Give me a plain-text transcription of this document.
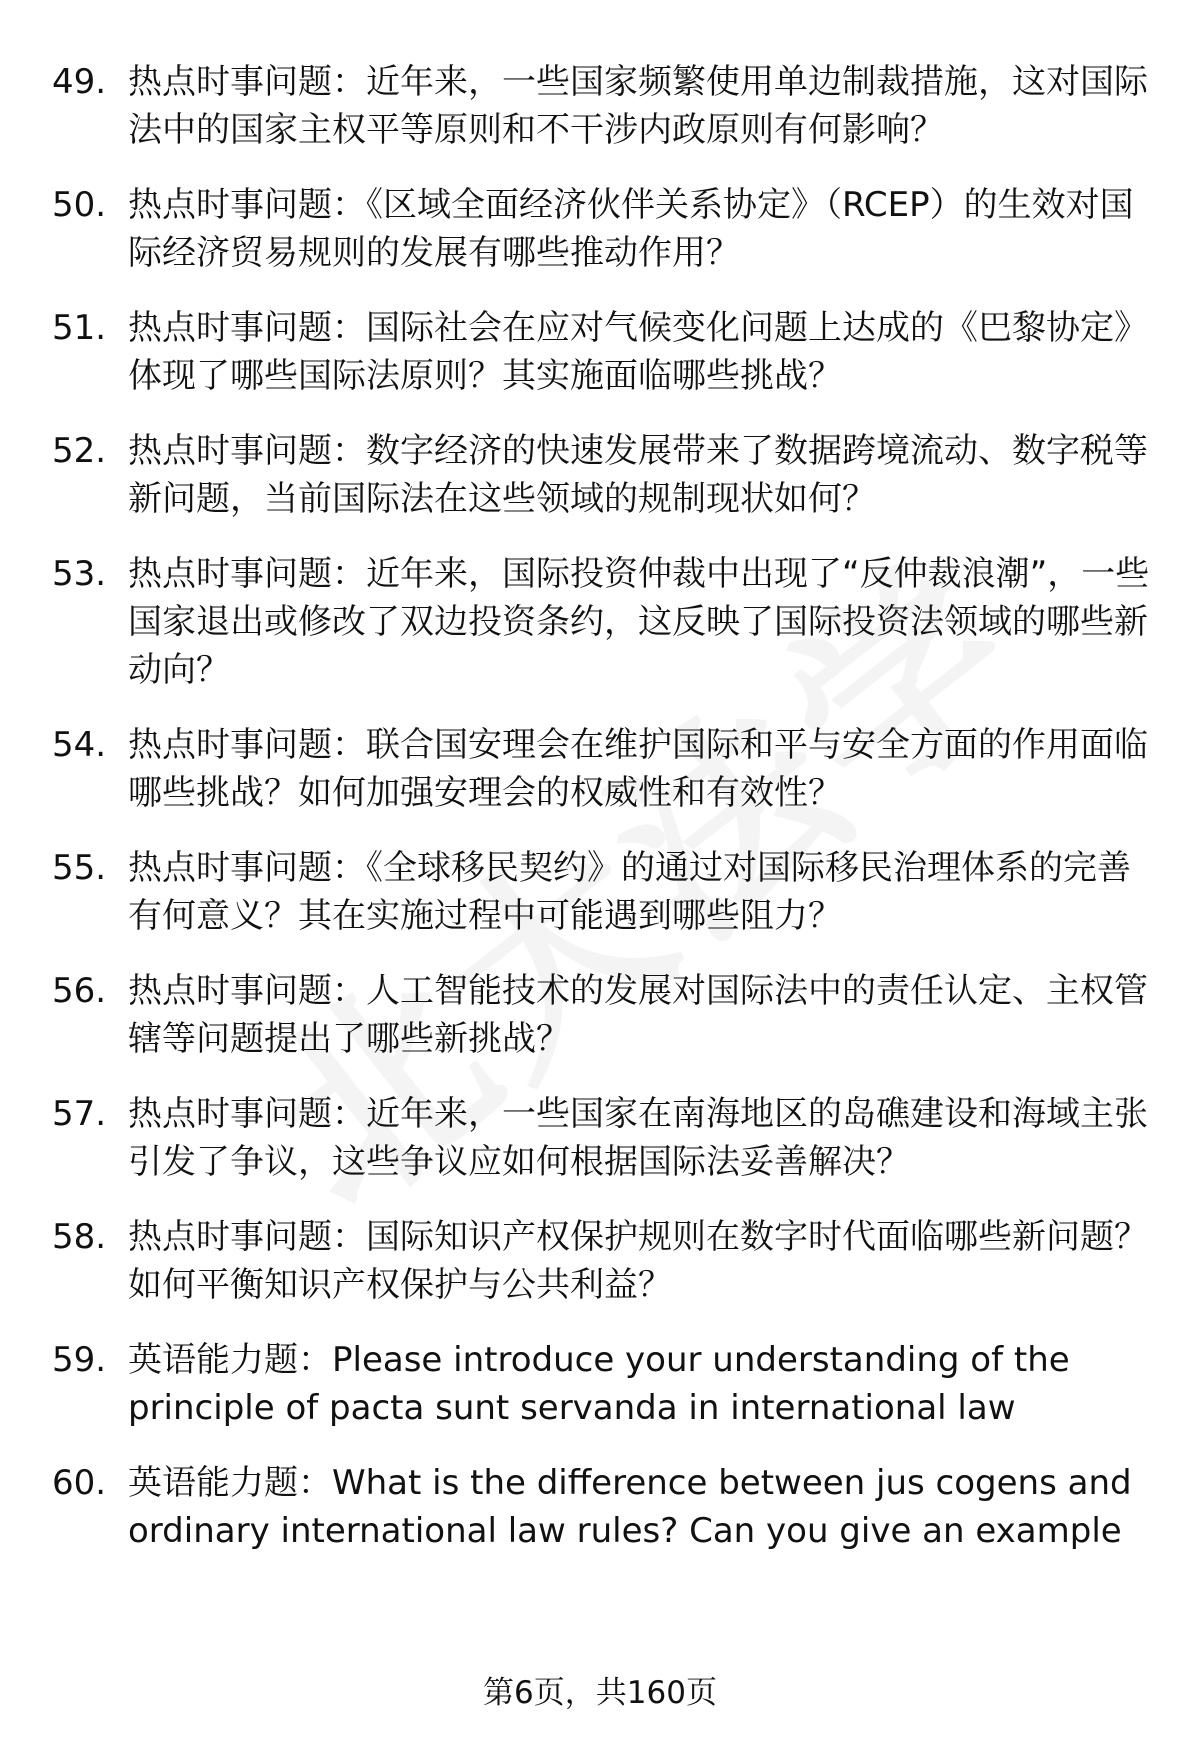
49. 热点时事问题：近年来，一些国家频繁使用单边制裁措施，这对国际法中的国家主权平等原则和不干涉内政原则有何影响？
50. 热点时事问题：《区域全面经济伙伴关系协定》（RCEP）的生效对国际经济贸易规则的发展有哪些推动作用？
51. 热点时事问题：国际社会在应对气候变化问题上达成的《巴黎协定》体现了哪些国际法原则？其实施面临哪些挑战？
52. 热点时事问题：数字经济的快速发展带来了数据跨境流动、数字税等新问题，当前国际法在这些领域的规制现状如何？
53. 热点时事问题：近年来，国际投资仲裁中出现了“反仲裁浪潮”，一些国家退出或修改了双边投资条约，这反映了国际投资法领域的哪些新动向？
54. 热点时事问题：联合国安理会在维护国际和平与安全方面的作用面临哪些挑战？如何加强安理会的权威性和有效性？
55. 热点时事问题：《全球移民契约》的通过对国际移民治理体系的完善有何意义？其在实施过程中可能遇到哪些阻力？
56. 热点时事问题：人工智能技术的发展对国际法中的责任认定、主权管辖等问题提出了哪些新挑战？
57. 热点时事问题：近年来，一些国家在南海地区的岛礁建设和海域主张引发了争议，这些争议应如何根据国际法妥善解决？
58. 热点时事问题：国际知识产权保护规则在数字时代面临哪些新问题？如何平衡知识产权保护与公共利益？
59. 英语能力题：Please introduce your understanding of the principle of pacta sunt servanda in international law
60. 英语能力题：What is the difference between jus cogens and ordinary international law rules? Can you give an example
第6页，共160页
